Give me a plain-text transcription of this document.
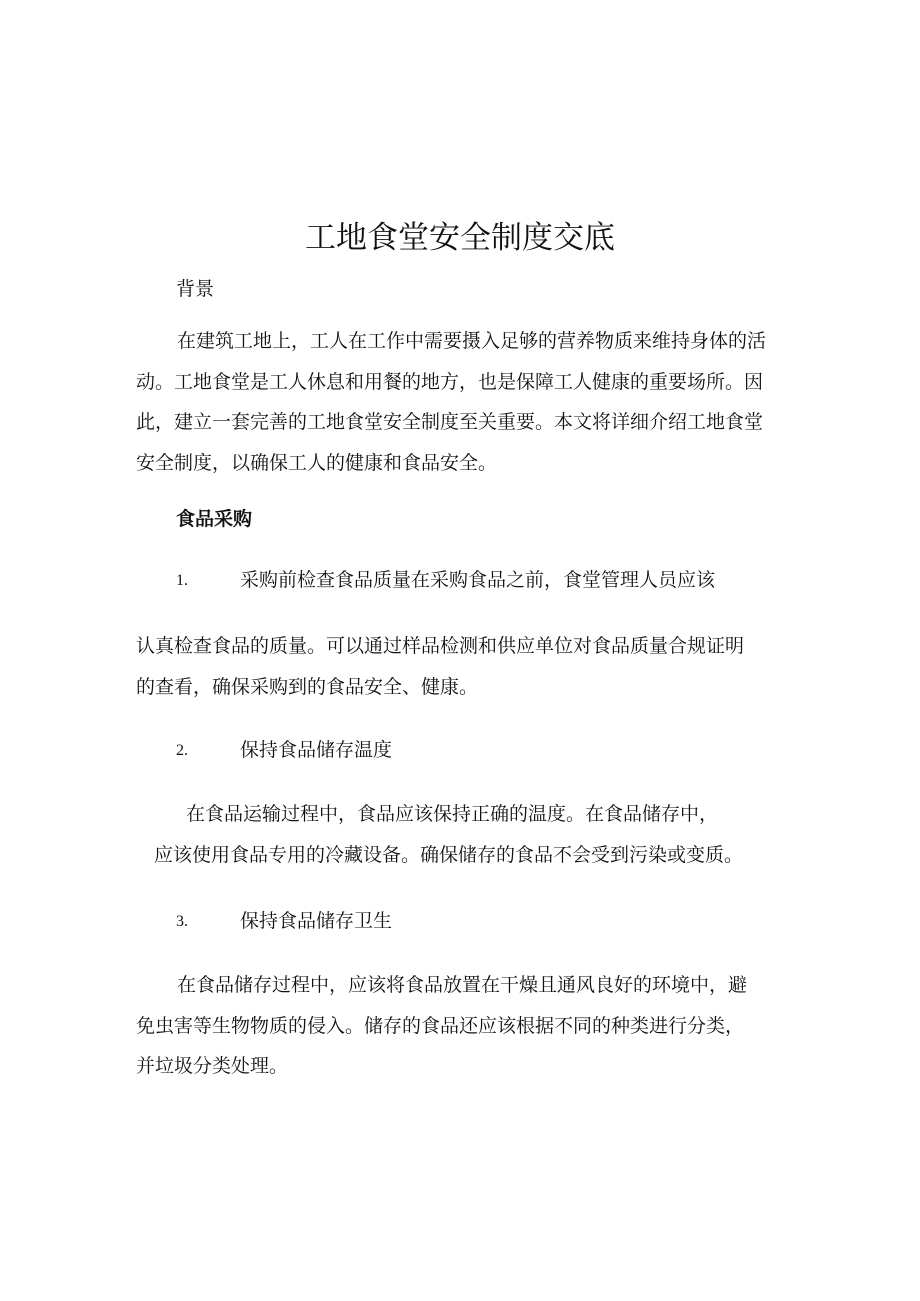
工地食堂安全制度交底

背景

在建筑工地上，工人在工作中需要摄入足够的营养物质来维持身体的活
动。工地食堂是工人休息和用餐的地方，也是保障工人健康的重要场所。因
此，建立一套完善的工地食堂安全制度至关重要。本文将详细介绍工地食堂
安全制度，以确保工人的健康和食品安全。

食品采购

1.	采购前检查食品质量在采购食品之前，食堂管理人员应该

认真检查食品的质量。可以通过样品检测和供应单位对食品质量合规证明
的查看，确保采购到的食品安全、健康。
2.	保持食品储存温度

在食品运输过程中，食品应该保持正确的温度。在食品储存中，
应该使用食品专用的冷藏设备。确保储存的食品不会受到污染或变质。
3.	保持食品储存卫生

在食品储存过程中，应该将食品放置在干燥且通风良好的环境中，避
免虫害等生物物质的侵入。储存的食品还应该根据不同的种类进行分类，
并垃圾分类处理。
